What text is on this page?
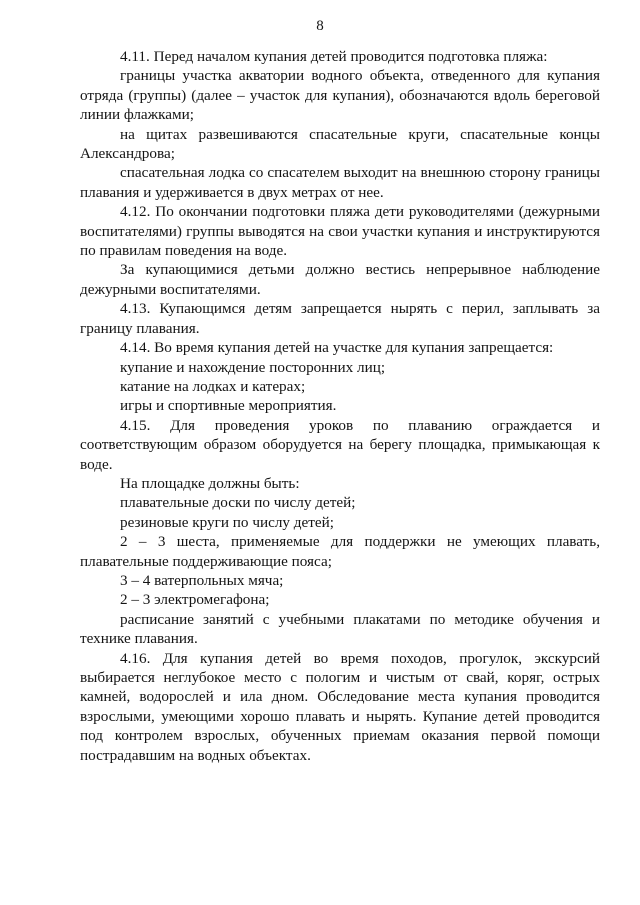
8

4.11. Перед началом купания детей проводится подготовка пляжа:

границы участка акватории водного объекта, отведенного для купания отряда (группы) (далее – участок для купания), обозначаются вдоль береговой линии флажками;

на щитах развешиваются спасательные круги, спасательные концы Александрова;

спасательная лодка со спасателем выходит на внешнюю сторону границы плавания и удерживается в двух метрах от нее.

4.12. По окончании подготовки пляжа дети руководителями (дежурными воспитателями) группы выводятся на свои участки купания и инструктируются по правилам поведения на воде.

За купающимися детьми должно вестись непрерывное наблюдение дежурными воспитателями.

4.13. Купающимся детям запрещается нырять с перил, заплывать за границу плавания.

4.14. Во время купания детей на участке для купания запрещается:

купание и нахождение посторонних лиц;

катание на лодках и катерах;

игры и спортивные мероприятия.

4.15. Для проведения уроков по плаванию ограждается и соответствующим образом оборудуется на берегу площадка, примыкающая к воде.

На площадке должны быть:

плавательные доски по числу детей;

резиновые круги по числу детей;

2 – 3 шеста, применяемые для поддержки не умеющих плавать, плавательные поддерживающие пояса;

3 – 4 ватерпольных мяча;

2 – 3 электромегафона;

расписание занятий с учебными плакатами по методике обучения и технике плавания.

4.16. Для купания детей во время походов, прогулок, экскурсий выбирается неглубокое место с пологим и чистым от свай, коряг, острых камней, водорослей и ила дном. Обследование места купания проводится взрослыми, умеющими хорошо плавать и нырять. Купание детей проводится под контролем взрослых, обученных приемам оказания первой помощи пострадавшим на водных объектах.
